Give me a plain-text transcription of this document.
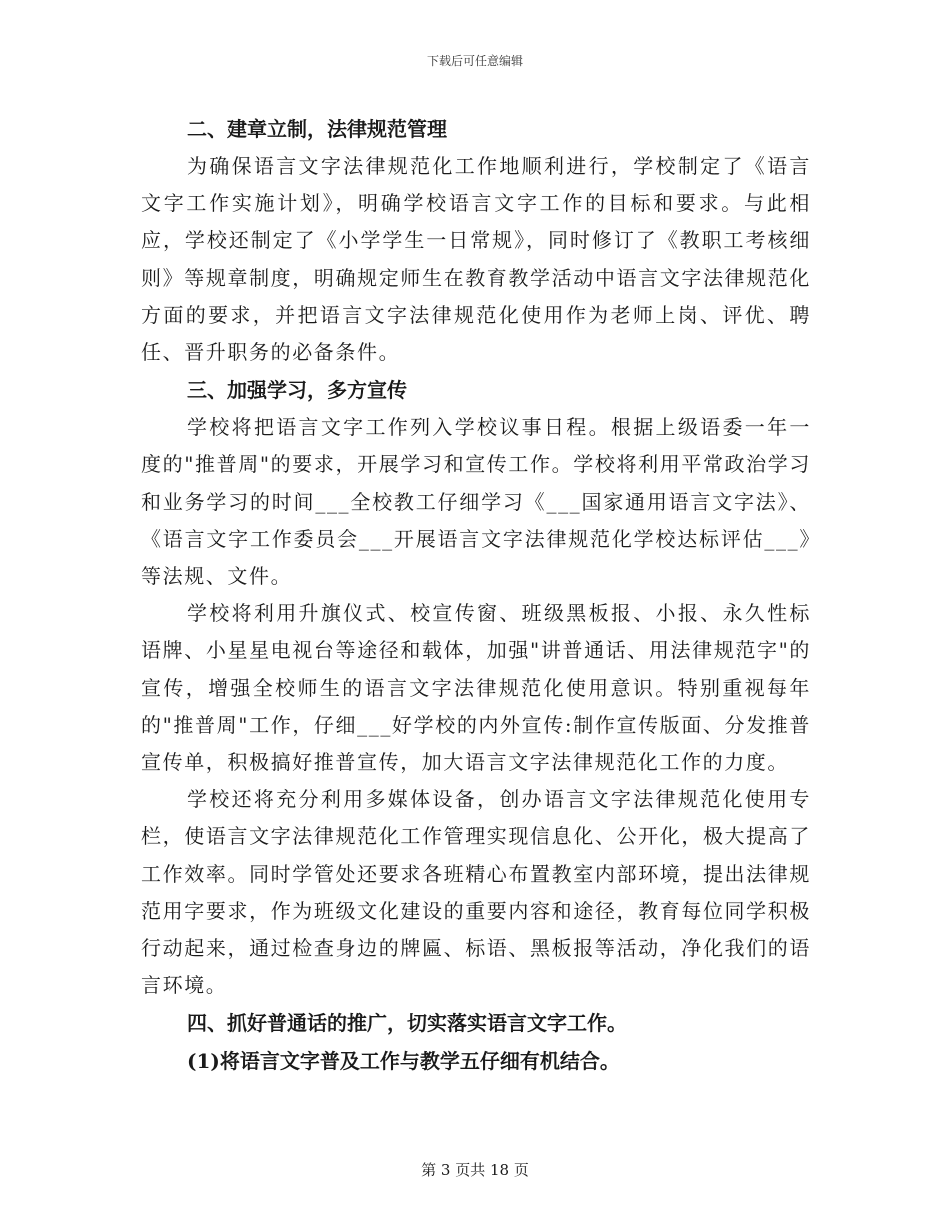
下载后可任意编辑
二、建章立制，法律规范管理

为确保语言文字法律规范化工作地顺利进行，学校制定了《语言文字工作实施计划》，明确学校语言文字工作的目标和要求。与此相应，学校还制定了《小学学生一日常规》，同时修订了《教职工考核细则》等规章制度，明确规定师生在教育教学活动中语言文字法律规范化方面的要求，并把语言文字法律规范化使用作为老师上岗、评优、聘任、晋升职务的必备条件。

三、加强学习，多方宣传

学校将把语言文字工作列入学校议事日程。根据上级语委一年一度的"推普周"的要求，开展学习和宣传工作。学校将利用平常政治学习和业务学习的时间___全校教工仔细学习《___国家通用语言文字法》、《语言文字工作委员会___开展语言文字法律规范化学校达标评估___》等法规、文件。

学校将利用升旗仪式、校宣传窗、班级黑板报、小报、永久性标语牌、小星星电视台等途径和载体，加强"讲普通话、用法律规范字"的宣传，增强全校师生的语言文字法律规范化使用意识。特别重视每年的"推普周"工作，仔细___好学校的内外宣传:制作宣传版面、分发推普宣传单，积极搞好推普宣传，加大语言文字法律规范化工作的力度。

学校还将充分利用多媒体设备，创办语言文字法律规范化使用专栏，使语言文字法律规范化工作管理实现信息化、公开化，极大提高了工作效率。同时学管处还要求各班精心布置教室内部环境，提出法律规范用字要求，作为班级文化建设的重要内容和途径，教育每位同学积极行动起来，通过检查身边的牌匾、标语、黑板报等活动，净化我们的语言环境。

四、抓好普通话的推广，切实落实语言文字工作。
(1)将语言文字普及工作与教学五仔细有机结合。
第 3 页共 18 页
